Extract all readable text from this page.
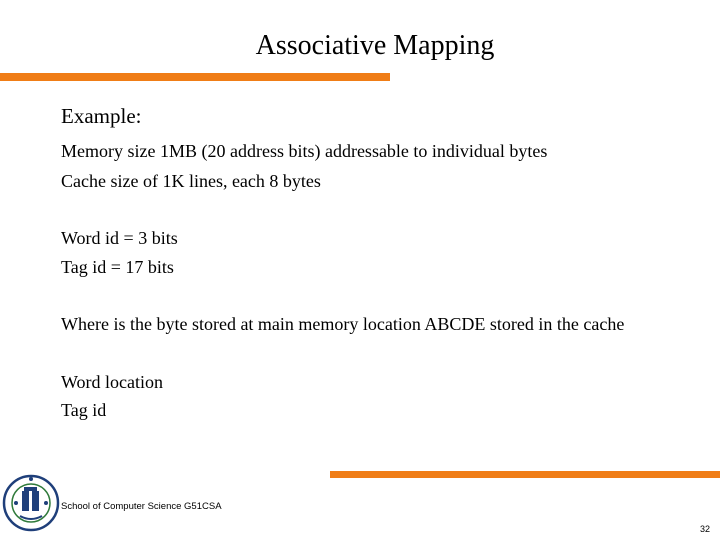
Associative Mapping
Example:
Memory size 1MB (20 address bits) addressable to individual bytes
Cache size of 1K lines, each 8 bytes
Word id = 3 bits
Tag id = 17 bits
Where is the byte stored at main memory location ABCDE stored in the cache
Word location
Tag id
School of Computer Science G51CSA
32
